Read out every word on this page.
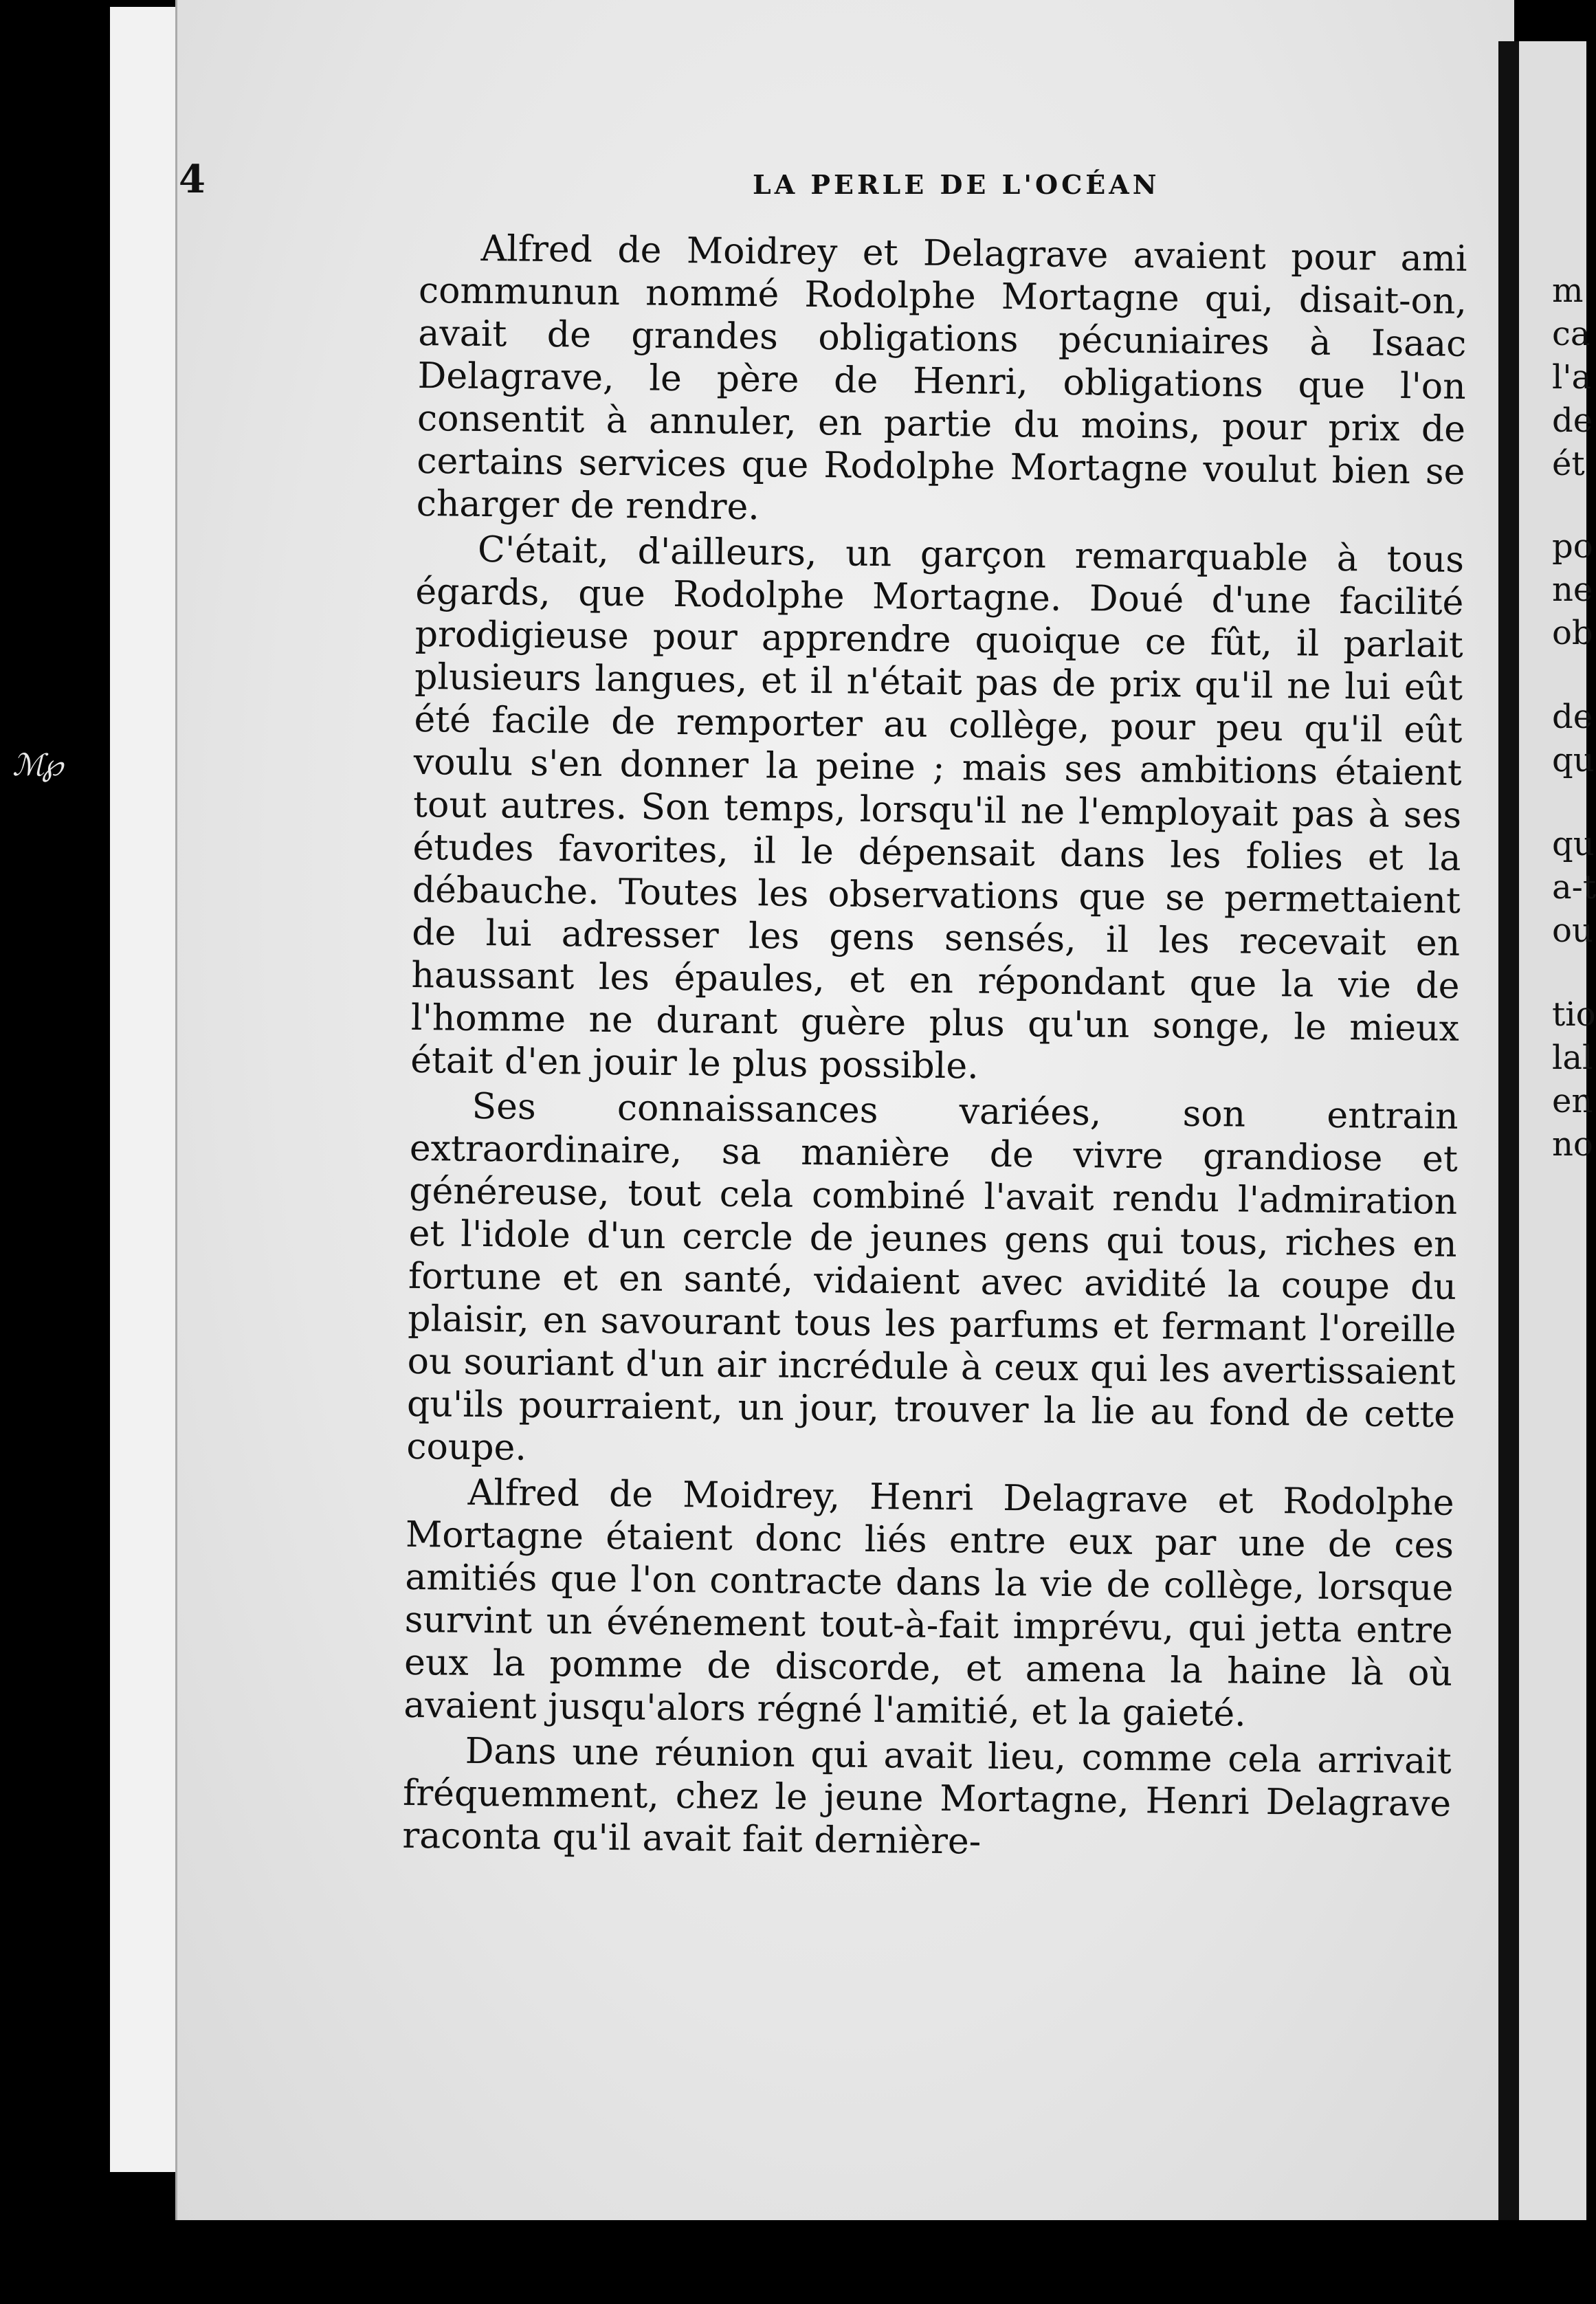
ℳ℘
4	LA PERLE DE L'OCÉAN

Alfred de Moidrey et Delagrave avaient pour ami communun nommé Rodolphe Mortagne qui, disait-on, avait de grandes obligations pécuniaires à Isaac Delagrave, le père de Henri, obligations que l'on consentit à annuler, en partie du moins, pour prix de certains services que Rodolphe Mortagne voulut bien se charger de rendre.

C'était, d'ailleurs, un garçon remarquable à tous égards, que Rodolphe Mortagne. Doué d'une facilité prodigieuse pour apprendre quoique ce fût, il parlait plusieurs langues, et il n'était pas de prix qu'il ne lui eût été facile de remporter au collège, pour peu qu'il eût voulu s'en donner la peine ; mais ses ambitions étaient tout autres. Son temps, lorsqu'il ne l'employait pas à ses études favorites, il le dépensait dans les folies et la débauche. Toutes les observations que se permettaient de lui adresser les gens sensés, il les recevait en haussant les épaules, et en répondant que la vie de l'homme ne durant guère plus qu'un songe, le mieux était d'en jouir le plus possible.

Ses connaissances variées, son entrain extraordinaire, sa manière de vivre grandiose et généreuse, tout cela combiné l'avait rendu l'admiration et l'idole d'un cercle de jeunes gens qui tous, riches en fortune et en santé, vidaient avec avidité la coupe du plaisir, en savourant tous les parfums et fermant l'oreille ou souriant d'un air incrédule à ceux qui les avertissaient qu'ils pourraient, un jour, trouver la lie au fond de cette coupe.

Alfred de Moidrey, Henri Delagrave et Rodolphe Mortagne étaient donc liés entre eux par une de ces amitiés que l'on contracte dans la vie de collège, lorsque survint un événement tout-à-fait imprévu, qui jetta entre eux la pomme de discorde, et amena la haine là où avaient jusqu'alors régné l'amitié, et la gaieté.

Dans une réunion qui avait lieu, comme cela arrivait fréquemment, chez le jeune Mortagne, Henri Delagrave raconta qu'il avait fait dernière-

m
ca
l'a
de
ét
po
ne
ob
de
qu
qu
a-t
ou
tio
lal
en
no
